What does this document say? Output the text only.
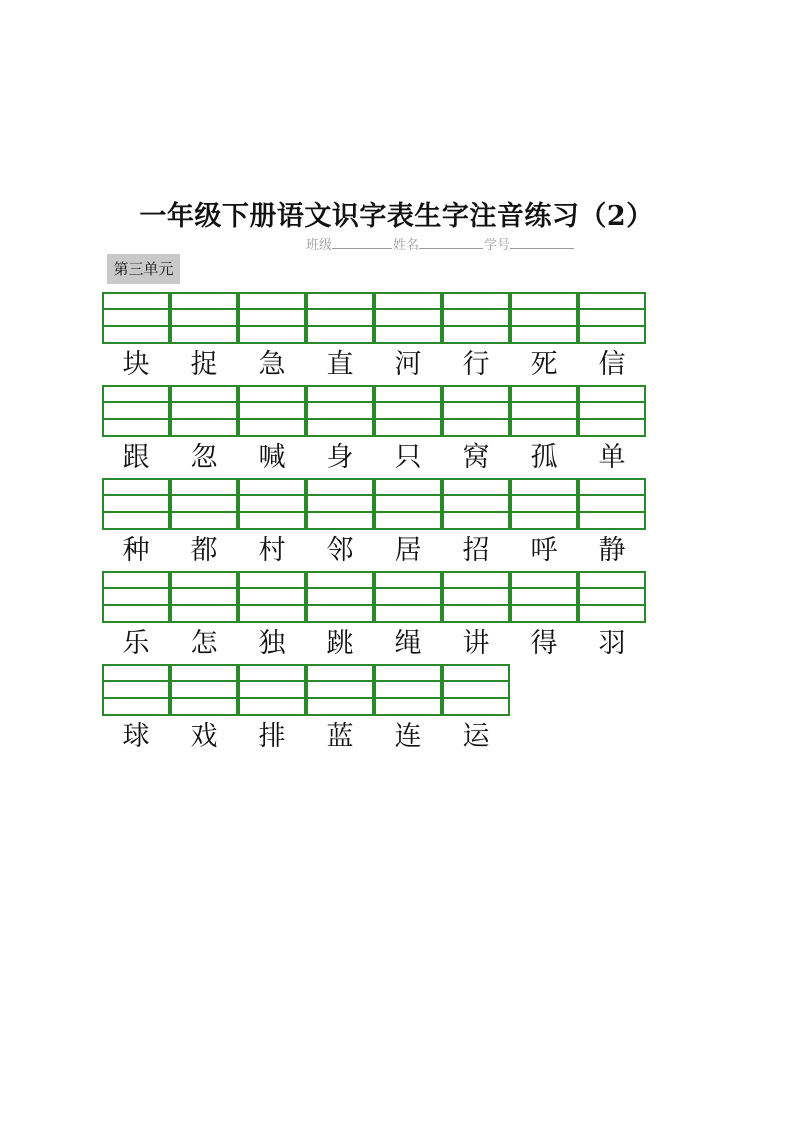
一年级下册语文识字表生字注音练习（2）
班级	姓名	学号
第三单元
块	捉	急	直	河	行	死	信
跟	忽	喊	身	只	窝	孤	单
种	都	村	邻	居	招	呼	静
乐	怎	独	跳	绳	讲	得	羽
球	戏	排	蓝	连	运
